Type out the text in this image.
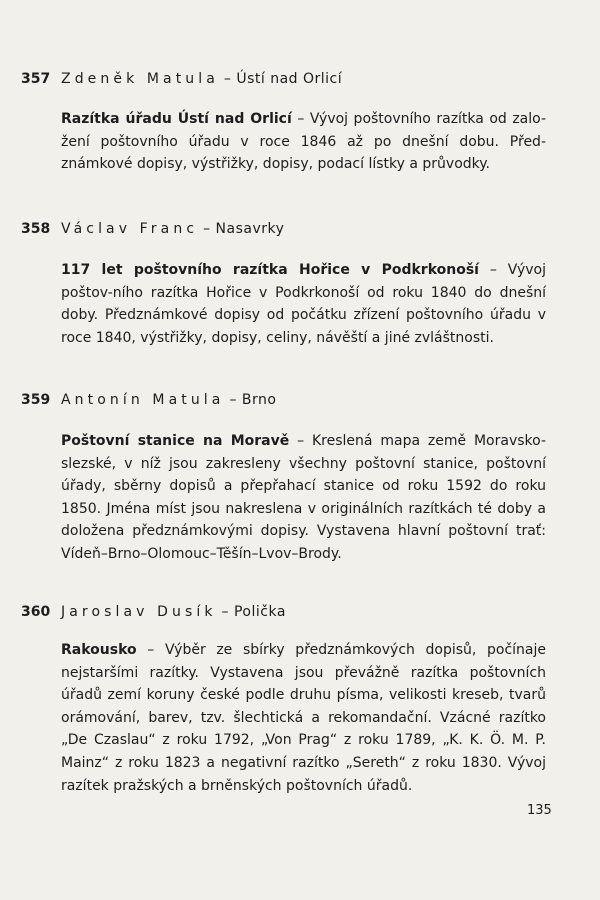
357 Zdeněk Matula – Ústí nad Orlicí

Razítka úřadu Ústí nad Orlicí – Vývoj poštovního razítka od zalo-žení poštovního úřadu v roce 1846 až po dnešní dobu. Před-známkové dopisy, výstřižky, dopisy, podací lístky a průvodky.

358 Václav Franc – Nasavrky

117 let poštovního razítka Hořice v Podkrkonoší – Vývoj poštov-ního razítka Hořice v Podkrkonoší od roku 1840 do dnešní doby. Předznámkové dopisy od počátku zřízení poštovního úřadu v roce 1840, výstřižky, dopisy, celiny, návěští a jiné zvláštnosti.

359 Antonín Matula – Brno

Poštovní stanice na Moravě – Kreslená mapa země Moravsko-slezské, v níž jsou zakresleny všechny poštovní stanice, poštovní úřady, sběrny dopisů a přepřahací stanice od roku 1592 do roku 1850. Jména míst jsou nakreslena v originálních razítkách té doby a doložena předznámkovými dopisy. Vystavena hlavní poštovní trať: Vídeň–Brno–Olomouc–Těšín–Lvov–Brody.

360 Jaroslav Dusík – Polička

Rakousko – Výběr ze sbírky předznámkových dopisů, počínaje nejstaršími razítky. Vystavena jsou převážně razítka poštovních úřadů zemí koruny české podle druhu písma, velikosti kreseb, tvarů orámování, barev, tzv. šlechtická a rekomandační. Vzácné razítko „De Czaslau“ z roku 1792, „Von Prag“ z roku 1789, „K. K. Ö. M. P. Mainz“ z roku 1823 a negativní razítko „Sereth“ z roku 1830. Vývoj razítek pražských a brněnských poštovních úřadů.

135
